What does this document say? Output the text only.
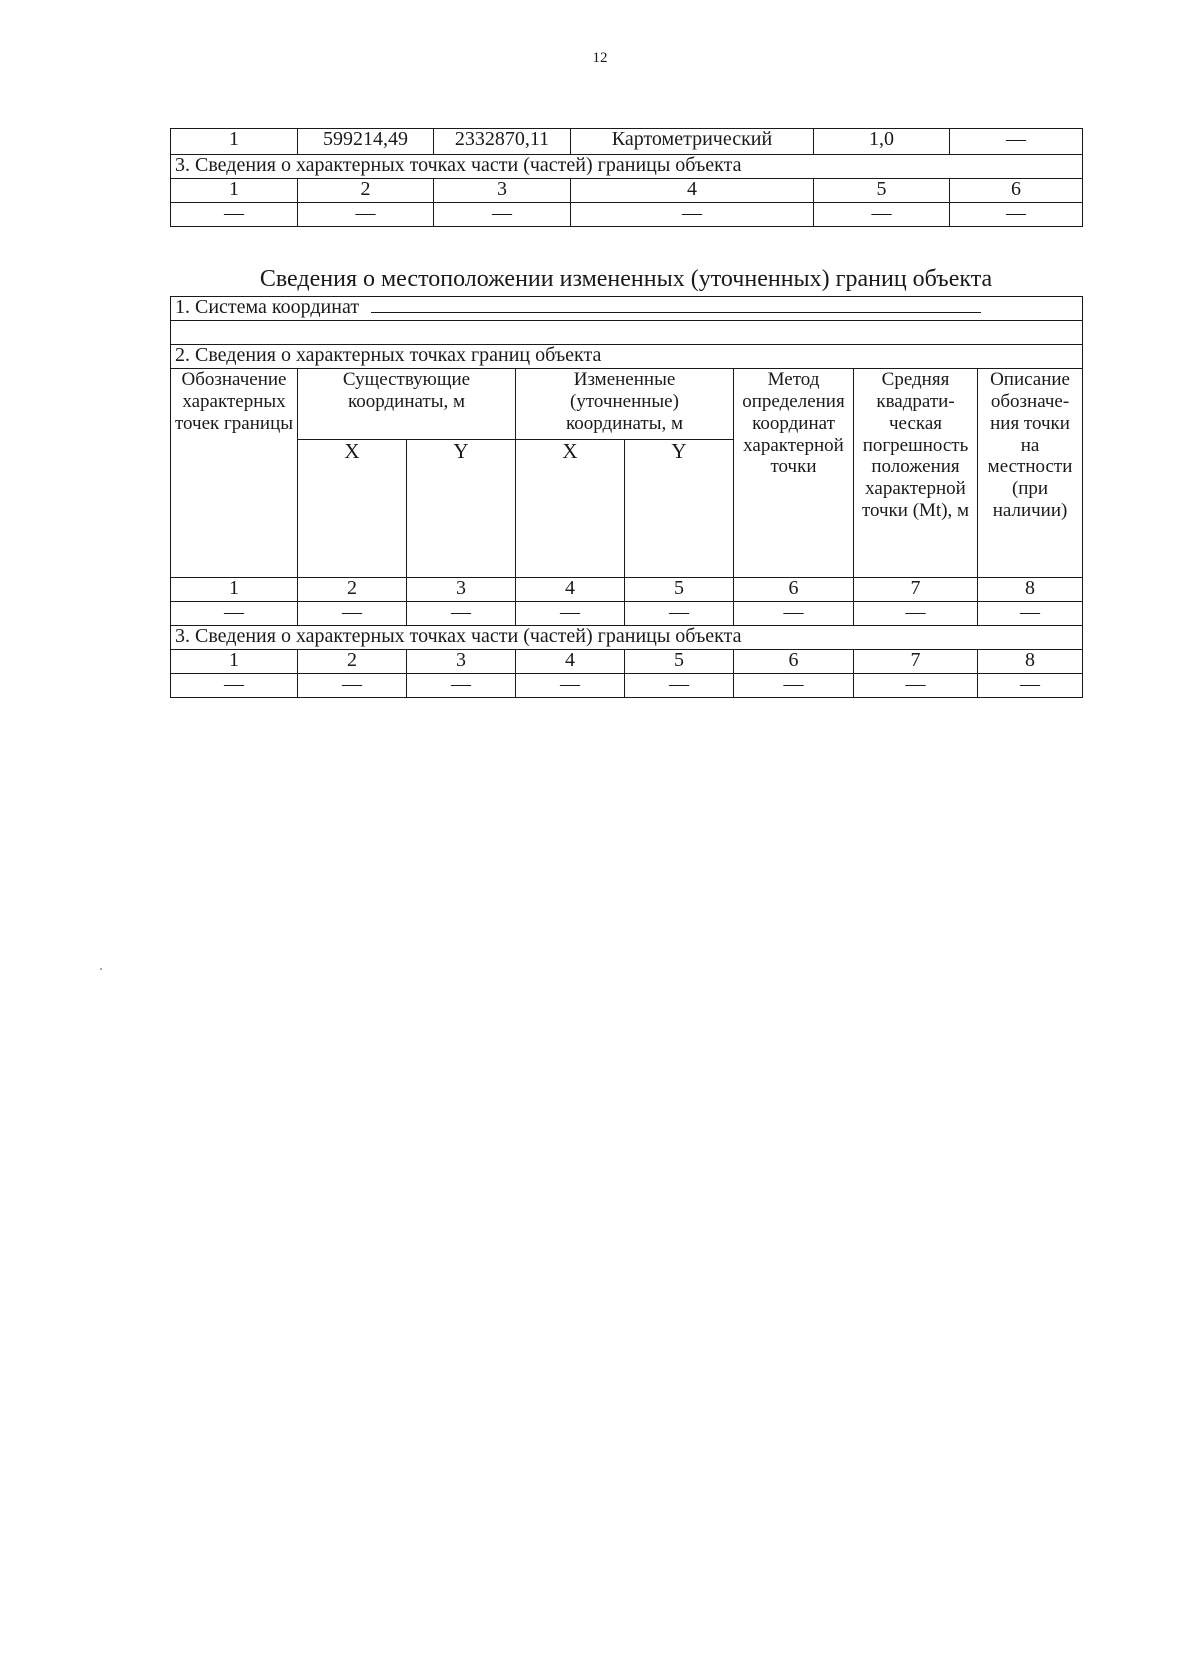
12
1	599214,49	2332870,11	Картометрический	1,0	—
3. Сведения о характерных точках части (частей) границы объекта					
1	2	3	4	5	6
—	—	—	—	—	—
Сведения о местоположении измененных (уточненных) границ объекта
1. Система координат							

2. Сведения о характерных точках границ объекта							
Обозначение характерных точек границы	Существующие координаты, м		Измененные (уточненные) координаты, м		Метод определения координат характерной точки	Средняя квадратическая погрешность положения характерной точки (Mt), м	Описание обозначения точки на местности (при наличии)
	X	Y	X	Y			
1	2	3	4	5	6	7	8
—	—	—	—	—	—	—	—
3. Сведения о характерных точках части (частей) границы объекта							
1	2	3	4	5	6	7	8
—	—	—	—	—	—	—	—
